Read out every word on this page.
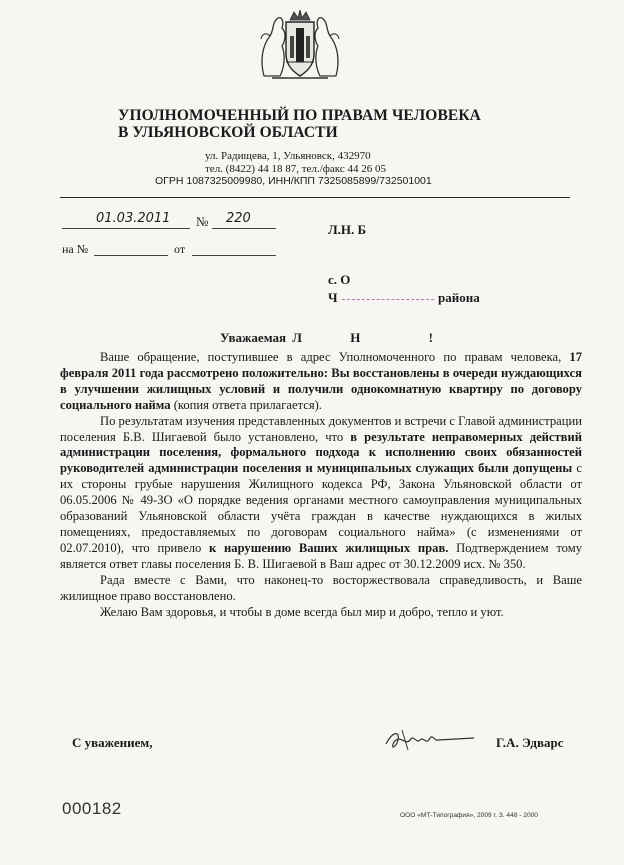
УПОЛНОМОЧЕННЫЙ ПО ПРАВАМ ЧЕЛОВЕКА
В УЛЬЯНОВСКОЙ ОБЛАСТИ
ул. Радищева, 1, Ульяновск, 432970
тел. (8422) 44 18 87, тел./факс 44 26 05
ОГРН 1087325009980, ИНН/КПП 7325085899/732501001
01.03.2011 № 220
на №	от
Л.Н. Б
с. О
Ч	района
Уважаемая Л	Н	!

Ваше обращение, поступившее в адрес Уполномоченного по правам человека, 17 февраля 2011 года рассмотрено положительно: Вы восстановлены в очереди нуждающихся в улучшении жилищных условий и получили однокомнатную квартиру по договору социального найма (копия ответа прилагается).

По результатам изучения представленных документов и встречи с Главой администрации поселения Б.В. Шигаевой было установлено, что в результате неправомерных действий администрации поселения, формального подхода к исполнению своих обязанностей руководителей администрации поселения и муниципальных служащих были допущены с их стороны грубые нарушения Жилищного кодекса РФ, Закона Ульяновской области от 06.05.2006 № 49-ЗО «О порядке ведения органами местного самоуправления муниципальных образований Ульяновской области учёта граждан в качестве нуждающихся в жилых помещениях, предоставляемых по договорам социального найма» (с изменениями от 02.07.2010), что привело к нарушению Ваших жилищных прав. Подтверждением тому является ответ главы поселения Б. В. Шигаевой в Ваш адрес от 30.12.2009 исх. № 350.

Рада вместе с Вами, что наконец-то восторжествовала справедливость, и Ваше жилищное право восстановлено.

Желаю Вам здоровья, и чтобы в доме всегда был мир и добро, тепло и уют.

С уважением,	Г.А. Эдварс
000182	ООО «МТ-Типография», 2009 г. З. 448 - 2000
